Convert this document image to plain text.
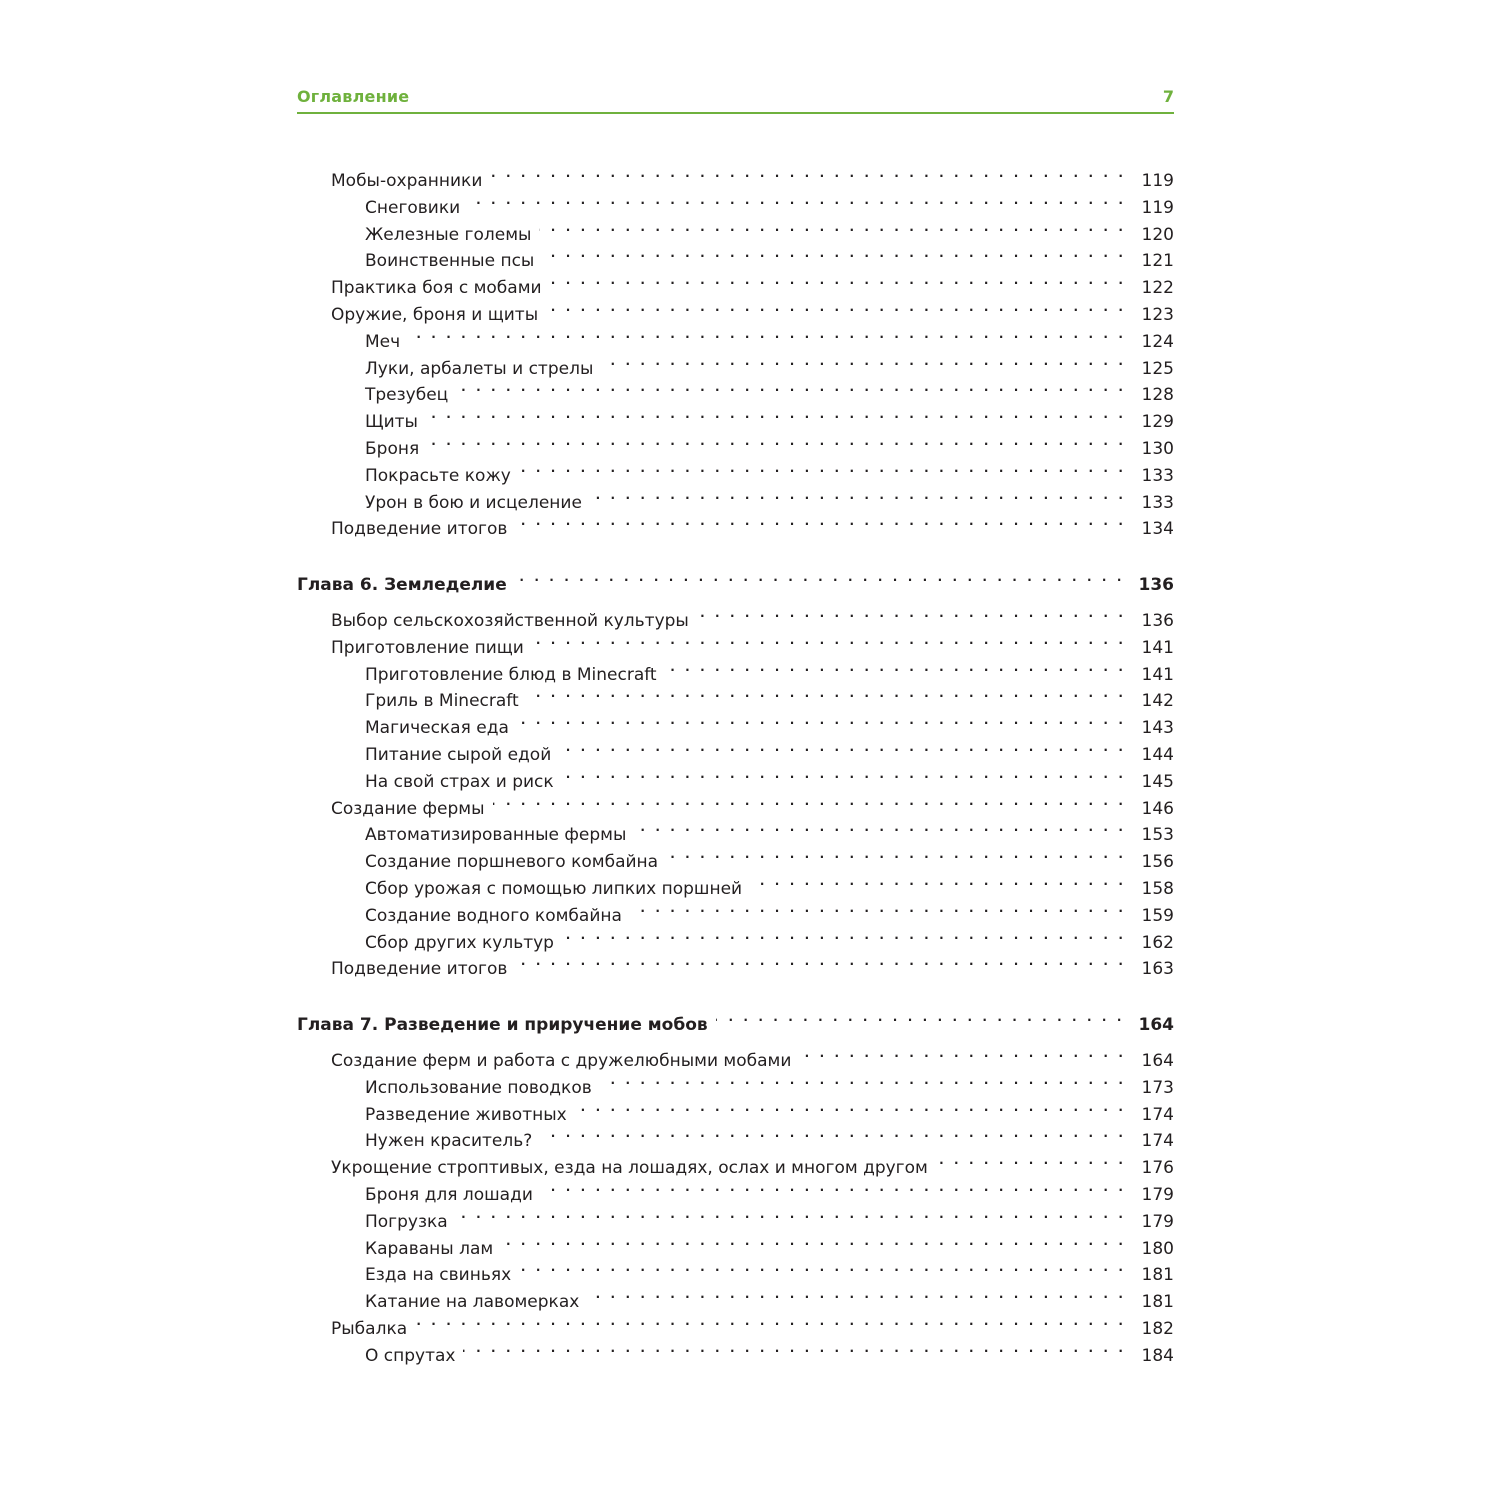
Оглавление	7
Мобы-охранники . . .	119
Снеговики . . .	119
Железные големы . . .	120
Воинственные псы . . .	121
Практика боя с мобами . . .	122
Оружие, броня и щиты . . .	123
Меч . . .	124
Луки, арбалеты и стрелы . . .	125
Трезубец . . .	128
Щиты . . .	129
Броня . . .	130
Покрасьте кожу . . .	133
Урон в бою и исцеление . . .	133
Подведение итогов . . .	134
Глава 6. Земледелие . . .	136
Выбор сельскохозяйственной культуры . . .	136
Приготовление пищи . . .	141
Приготовление блюд в Minecraft . . .	141
Гриль в Minecraft . . .	142
Магическая еда . . .	143
Питание сырой едой . . .	144
На свой страх и риск . . .	145
Создание фермы . . .	146
Автоматизированные фермы . . .	153
Создание поршневого комбайна . . .	156
Сбор урожая с помощью липких поршней . . .	158
Создание водного комбайна . . .	159
Сбор других культур . . .	162
Подведение итогов . . .	163
Глава 7. Разведение и приручение мобов . . .	164
Создание ферм и работа с дружелюбными мобами . . .	164
Использование поводков . . .	173
Разведение животных . . .	174
Нужен краситель? . . .	174
Укрощение строптивых, езда на лошадях, ослах и многом другом . . .	176
Броня для лошади . . .	179
Погрузка . . .	179
Караваны лам . . .	180
Езда на свиньях . . .	181
Катание на лавомерках . . .	181
Рыбалка . . .	182
О спрутах . . .	184
